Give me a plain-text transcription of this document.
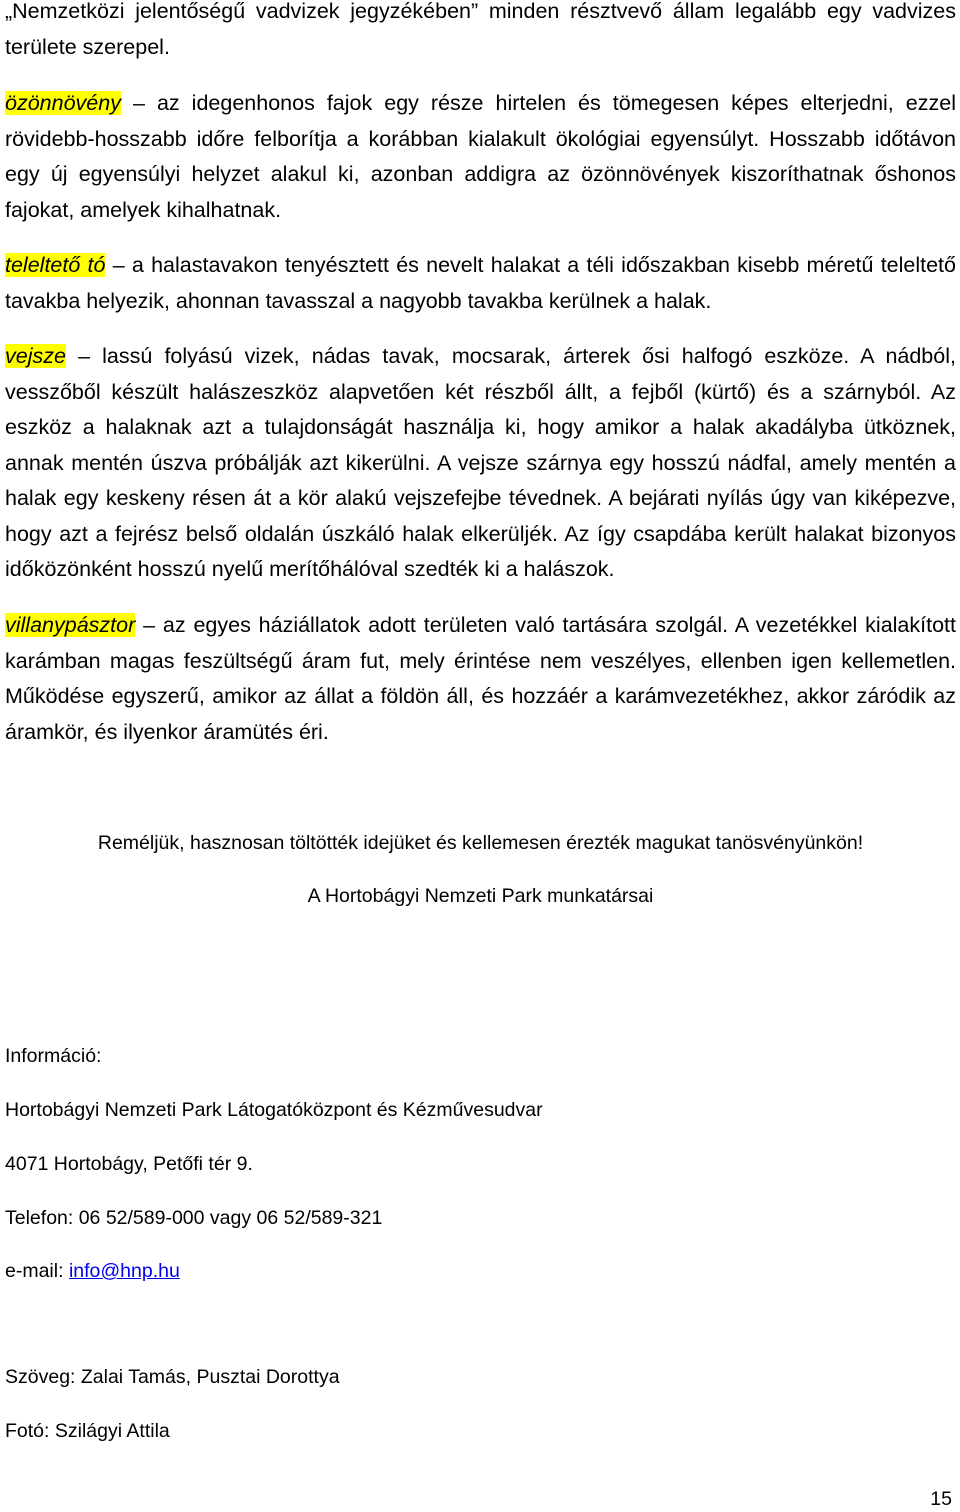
„Nemzetközi jelentőségű vadvizek jegyzékében” minden résztvevő állam legalább egy vadvizes területe szerepel.

özönnövény – az idegenhonos fajok egy része hirtelen és tömegesen képes elterjedni, ezzel rövidebb-hosszabb időre felborítja a korábban kialakult ökológiai egyensúlyt. Hosszabb időtávon egy új egyensúlyi helyzet alakul ki, azonban addigra az özönnövények kiszoríthatnak őshonos fajokat, amelyek kihalhatnak.

teleltető tó – a halastavakon tenyésztett és nevelt halakat a téli időszakban kisebb méretű teleltető tavakba helyezik, ahonnan tavasszal a nagyobb tavakba kerülnek a halak.

vejsze – lassú folyású vizek, nádas tavak, mocsarak, árterek ősi halfogó eszköze. A nádból, vesszőből készült halászeszköz alapvetően két részből állt, a fejből (kürtő) és a szárnyból. Az eszköz a halaknak azt a tulajdonságát használja ki, hogy amikor a halak akadályba ütköznek, annak mentén úszva próbálják azt kikerülni. A vejsze szárnya egy hosszú nádfal, amely mentén a halak egy keskeny résen át a kör alakú vejszefejbe tévednek. A bejárati nyílás úgy van kiképezve, hogy azt a fejrész belső oldalán úszkáló halak elkerüljék. Az így csapdába került halakat bizonyos időközönként hosszú nyelű merítőhálóval szedték ki a halászok.

villanypásztor – az egyes háziállatok adott területen való tartására szolgál. A vezetékkel kialakított karámban magas feszültségű áram fut, mely érintése nem veszélyes, ellenben igen kellemetlen. Működése egyszerű, amikor az állat a földön áll, és hozzáér a karámvezetékhez, akkor záródik az áramkör, és ilyenkor áramütés éri.

Reméljük, hasznosan töltötték idejüket és kellemesen érezték magukat tanösvényünkön!
A Hortobágyi Nemzeti Park munkatársai
Információ:
Hortobágyi Nemzeti Park Látogatóközpont és Kézművesudvar
4071 Hortobágy, Petőfi tér 9.
Telefon: 06 52/589-000 vagy 06 52/589-321
e-mail: info@hnp.hu
Szöveg: Zalai Tamás, Pusztai Dorottya
Fotó: Szilágyi Attila
15
